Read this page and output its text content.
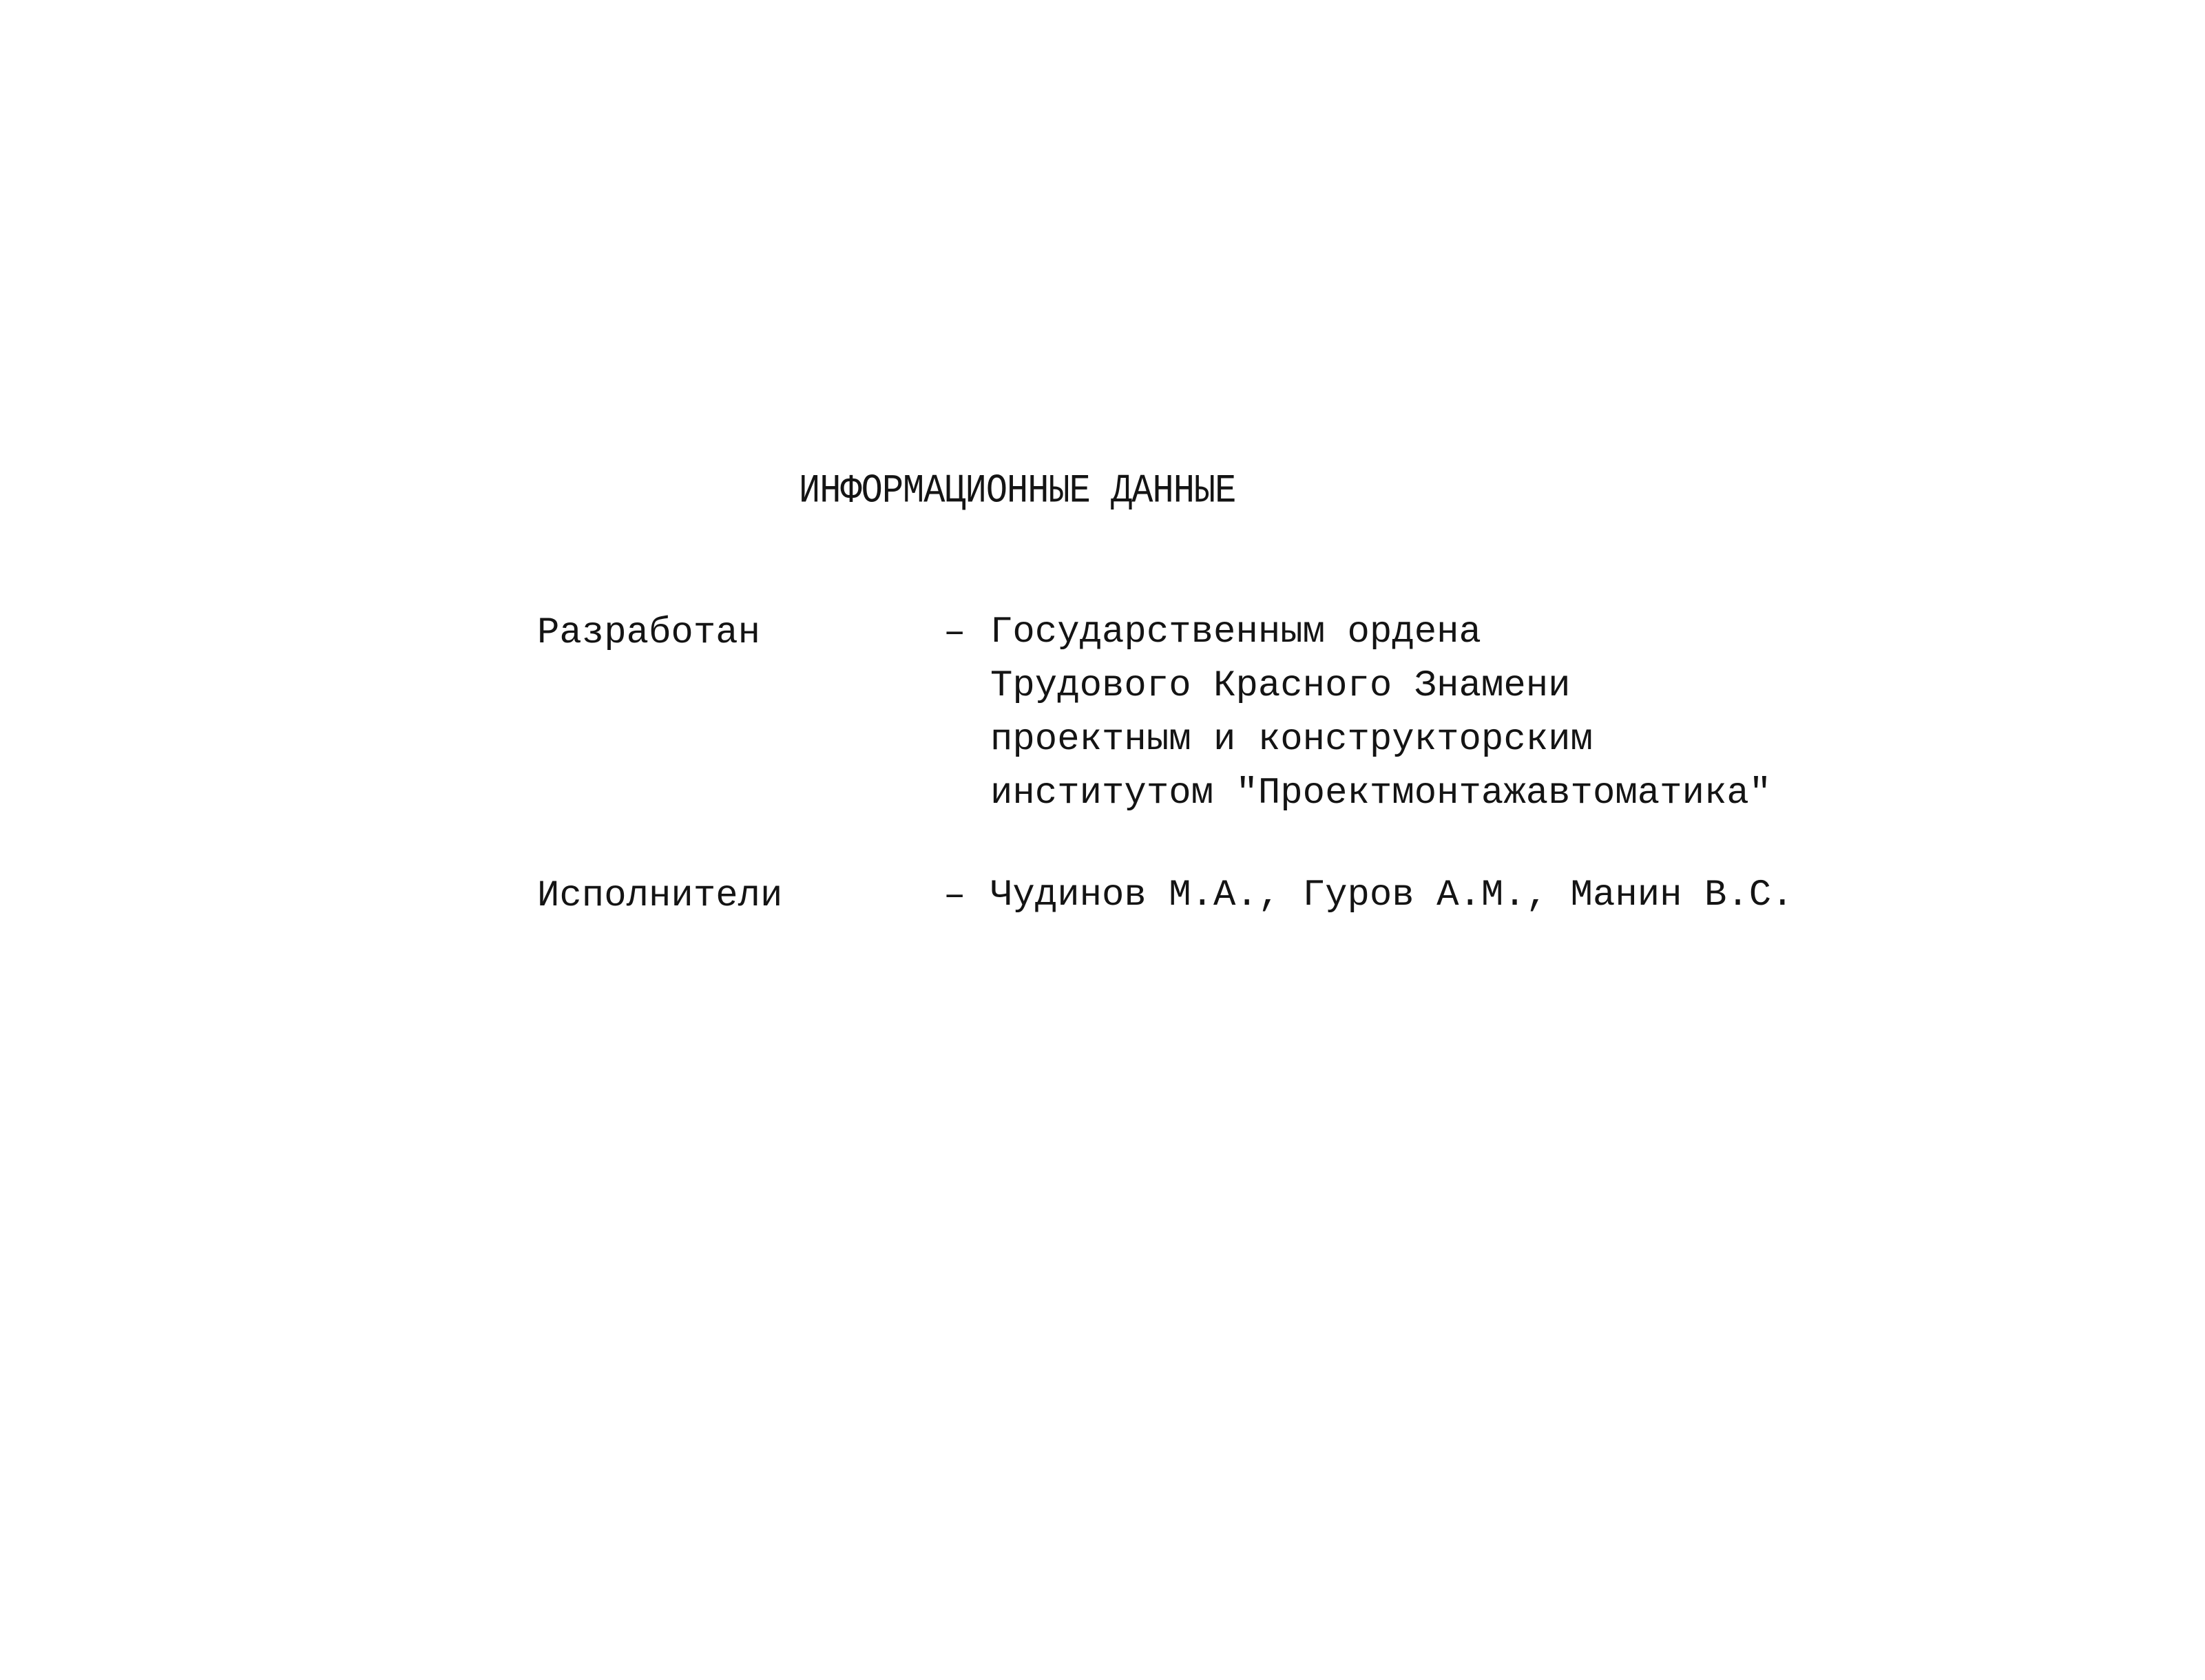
ИНФОРМАЦИОННЫЕ ДАННЫЕ
Разработан	– Государственным ордена
Трудового Красного Знамени
проектным и конструкторским
институтом "Проектмонтажавтоматика"
Исполнители	– Чудинов М.А., Гуров А.М., Манин В.С.
